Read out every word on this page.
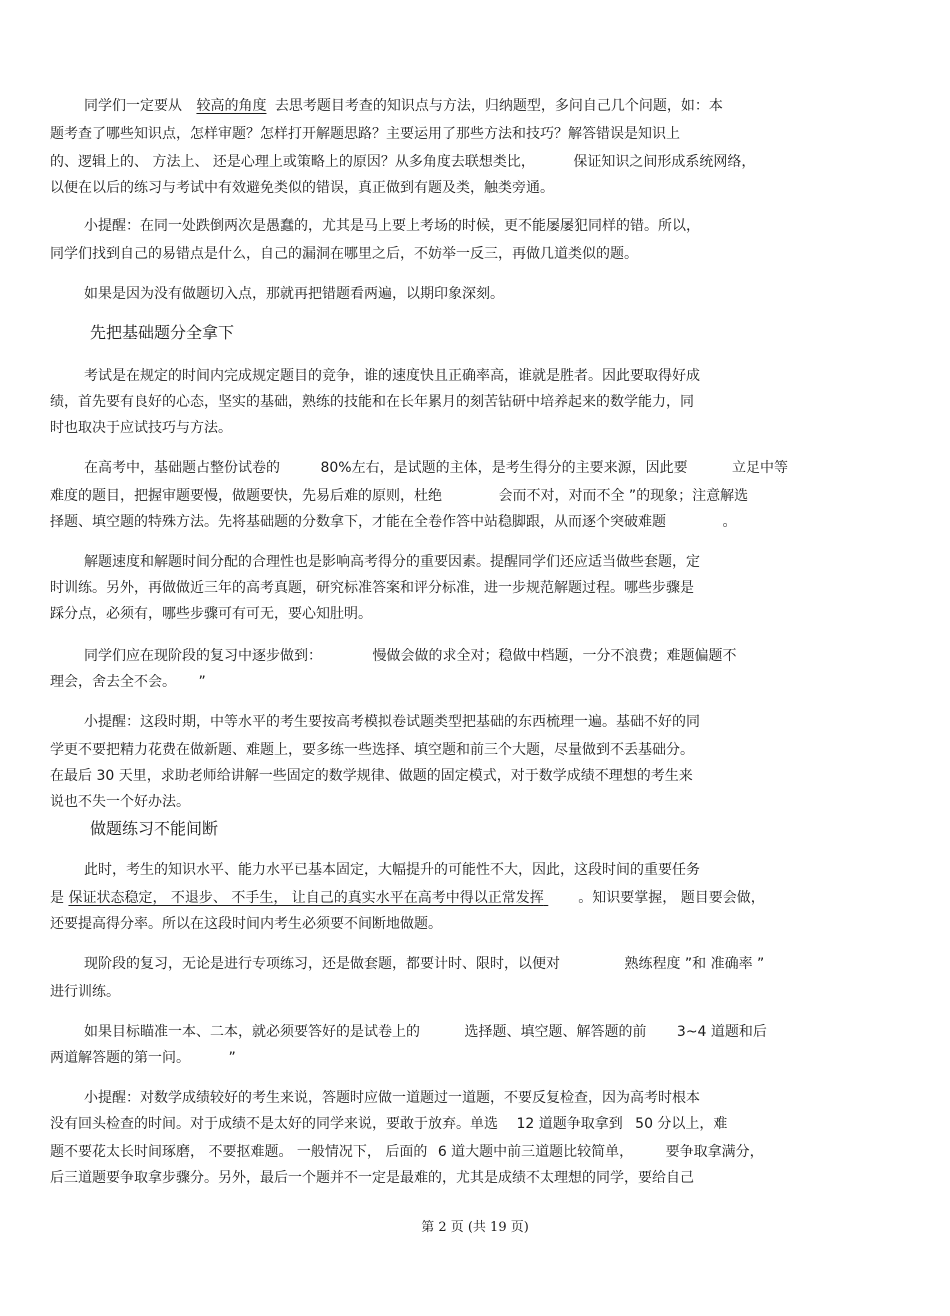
同学们一定要从 较高的角度 去思考题目考查的知识点与方法，归纳题型，多问自己几个问题，如：本
题考查了哪些知识点，怎样审题？怎样打开解题思路？主要运用了那些方法和技巧？解答错误是知识上
的、逻辑上的、 方法上、 还是心理上或策略上的原因？从多角度去联想类比，	保证知识之间形成系统网络，
以便在以后的练习与考试中有效避免类似的错误，真正做到有题及类，触类旁通。
小提醒：在同一处跌倒两次是愚蠢的，尤其是马上要上考场的时候，更不能屡屡犯同样的错。所以，
同学们找到自己的易错点是什么，自己的漏洞在哪里之后，不妨举一反三，再做几道类似的题。
如果是因为没有做题切入点，那就再把错题看两遍，以期印象深刻。
先把基础题分全拿下
考试是在规定的时间内完成规定题目的竞争，谁的速度快且正确率高，谁就是胜者。因此要取得好成
绩，首先要有良好的心态，坚实的基础，熟练的技能和在长年累月的刻苦钻研中培养起来的数学能力，同
时也取决于应试技巧与方法。
在高考中，基础题占整份试卷的	80%左右，是试题的主体，是考生得分的主要来源，因此要	立足中等
难度的题目，把握审题要慢，做题要快，先易后难的原则，杜绝	会而不对，对而不全 ”的现象；注意解选
择题、填空题的特殊方法。先将基础题的分数拿下，才能在全卷作答中站稳脚跟，从而逐个突破难题	。
解题速度和解题时间分配的合理性也是影响高考得分的重要因素。提醒同学们还应适当做些套题，定
时训练。另外，再做做近三年的高考真题，研究标准答案和评分标准，进一步规范解题过程。哪些步骤是
踩分点，必须有，哪些步骤可有可无，要心知肚明。
同学们应在现阶段的复习中逐步做到：	慢做会做的求全对；稳做中档题，一分不浪费；难题偏题不
理会，舍去全不会。 ”
小提醒：这段时期，中等水平的考生要按高考模拟卷试题类型把基础的东西梳理一遍。基础不好的同
学更不要把精力花费在做新题、难题上，要多练一些选择、填空题和前三个大题，尽量做到不丢基础分。
在最后 30 天里，求助老师给讲解一些固定的数学规律、做题的固定模式，对于数学成绩不理想的考生来
说也不失一个好办法。
做题练习不能间断
此时，考生的知识水平、能力水平已基本固定，大幅提升的可能性不大，因此，这段时间的重要任务
是 保证状态稳定， 不退步、 不手生， 让自己的真实水平在高考中得以正常发挥 。知识要掌握， 题目要会做，
还要提高得分率。所以在这段时间内考生必须要不间断地做题。
现阶段的复习，无论是进行专项练习，还是做套题，都要计时、限时，以便对	熟练程度 ”和 准确率 ”
进行训练。
如果目标瞄准一本、二本，就必须要答好的是试卷上的	选择题、填空题、解答题的前 3~4 道题和后
两道解答题的第一问。	”
小提醒：对数学成绩较好的考生来说，答题时应做一道题过一道题，不要反复检查，因为高考时根本
没有回头检查的时间。对于成绩不是太好的同学来说，要敢于放弃。单选 12 道题争取拿到 50 分以上，难
题不要花太长时间琢磨， 不要抠难题。 一般情况下， 后面的 6 道大题中前三道题比较简单， 要争取拿满分，
后三道题要争取拿步骤分。另外，最后一个题并不一定是最难的，尤其是成绩不太理想的同学，要给自己
第 2 页 (共 19 页)
